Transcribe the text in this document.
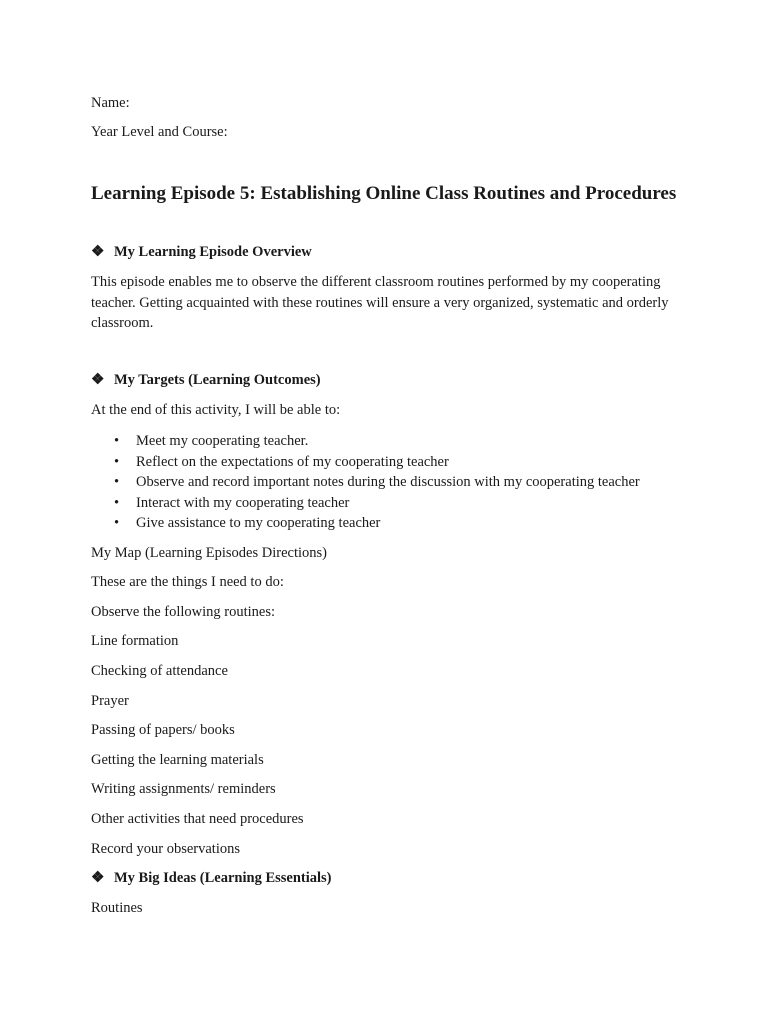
Name:
Year Level and Course:
Learning Episode 5: Establishing Online Class Routines and Procedures
❖ My Learning Episode Overview
This episode enables me to observe the different classroom routines performed by my cooperating teacher. Getting acquainted with these routines will ensure a very organized, systematic and orderly classroom.
❖ My Targets (Learning Outcomes)
At the end of this activity, I will be able to:
• Meet my cooperating teacher.
• Reflect on the expectations of my cooperating teacher
• Observe and record important notes during the discussion with my cooperating teacher
• Interact with my cooperating teacher
• Give assistance to my cooperating teacher
My Map (Learning Episodes Directions)
These are the things I need to do:
Observe the following routines:
Line formation
Checking of attendance
Prayer
Passing of papers/ books
Getting the learning materials
Writing assignments/ reminders
Other activities that need procedures
Record your observations
❖ My Big Ideas (Learning Essentials)
Routines
